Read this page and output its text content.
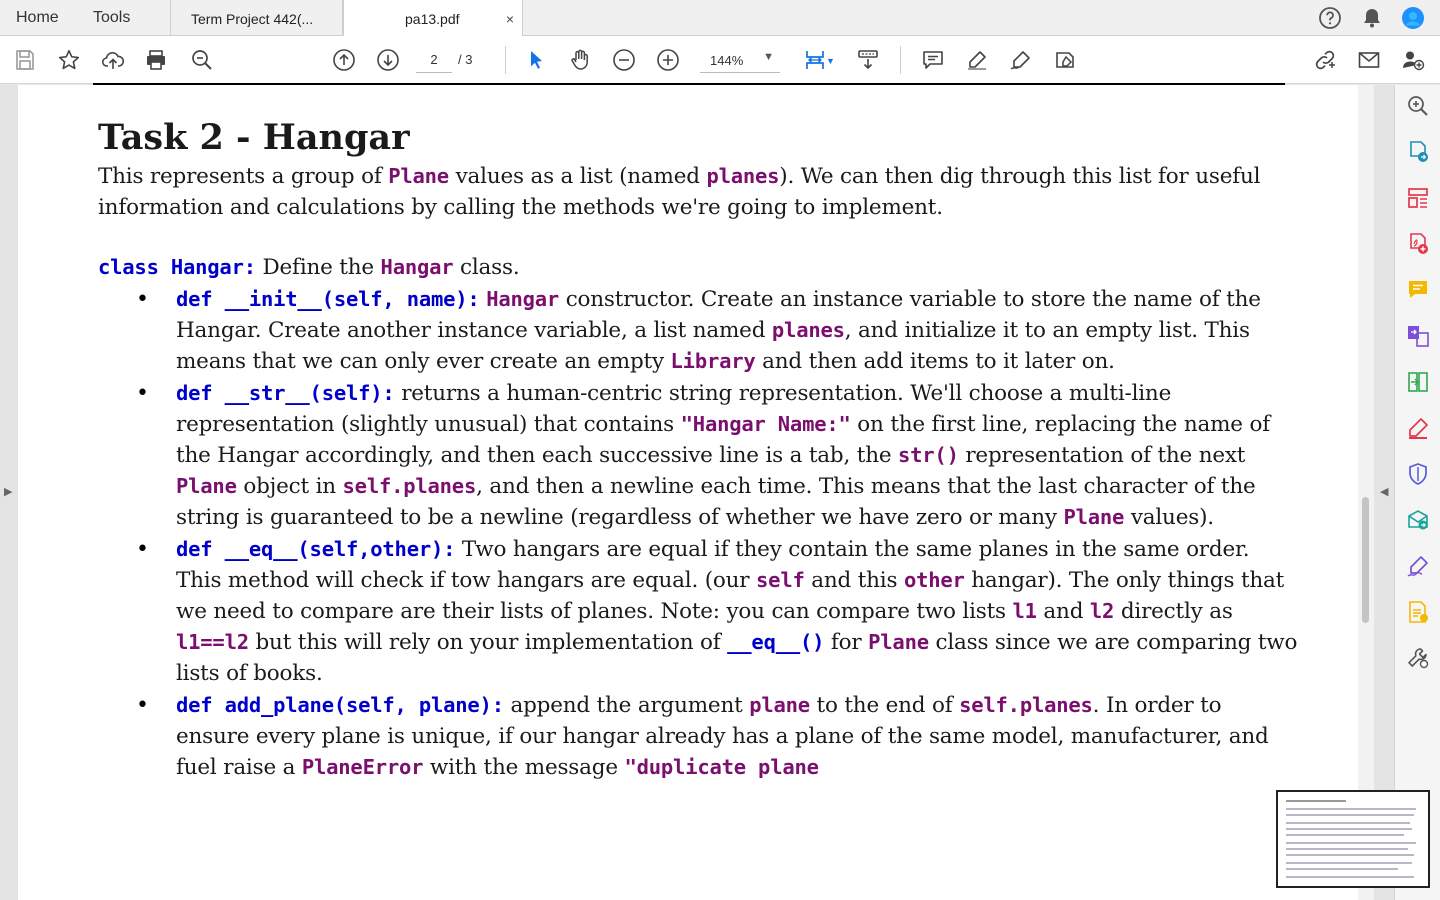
Home Tools	Term Project 442(...	pa13.pdf	×
▼
2
/ 3	144% ▼
▶
Task 2 - Hangar
This represents a group of Plane values as a list (named planes). We can then dig through this list for useful information and calculations by calling the methods we're going to implement.
class Hangar: Define the Hangar class.
• def __init__(self, name): Hangar constructor. Create an instance variable to store the name of the Hangar. Create another instance variable, a list named planes, and initialize it to an empty list. This means that we can only ever create an empty Library and then add items to it later on.
• def __str__(self): returns a human-centric string representation. We'll choose a multi-line representation (slightly unusual) that contains "Hangar Name:" on the first line, replacing the name of the Hangar accordingly, and then each successive line is a tab, the str() representation of the next Plane object in self.planes, and then a newline each time. This means that the last character of the string is guaranteed to be a newline (regardless of whether we have zero or many Plane values).
• def __eq__(self,other): Two hangars are equal if they contain the same planes in the same order. This method will check if tow hangars are equal. (our self and this other hangar). The only things that we need to compare are their lists of planes. Note: you can compare two lists l1 and l2 directly as l1==l2 but this will rely on your implementation of __eq__() for Plane class since we are comparing two lists of books.
• def add_plane(self, plane): append the argument plane to the end of self.planes. In order to ensure every plane is unique, if our hangar already has a plane of the same model, manufacturer, and fuel raise a PlaneError with the message "duplicate plane
◀
